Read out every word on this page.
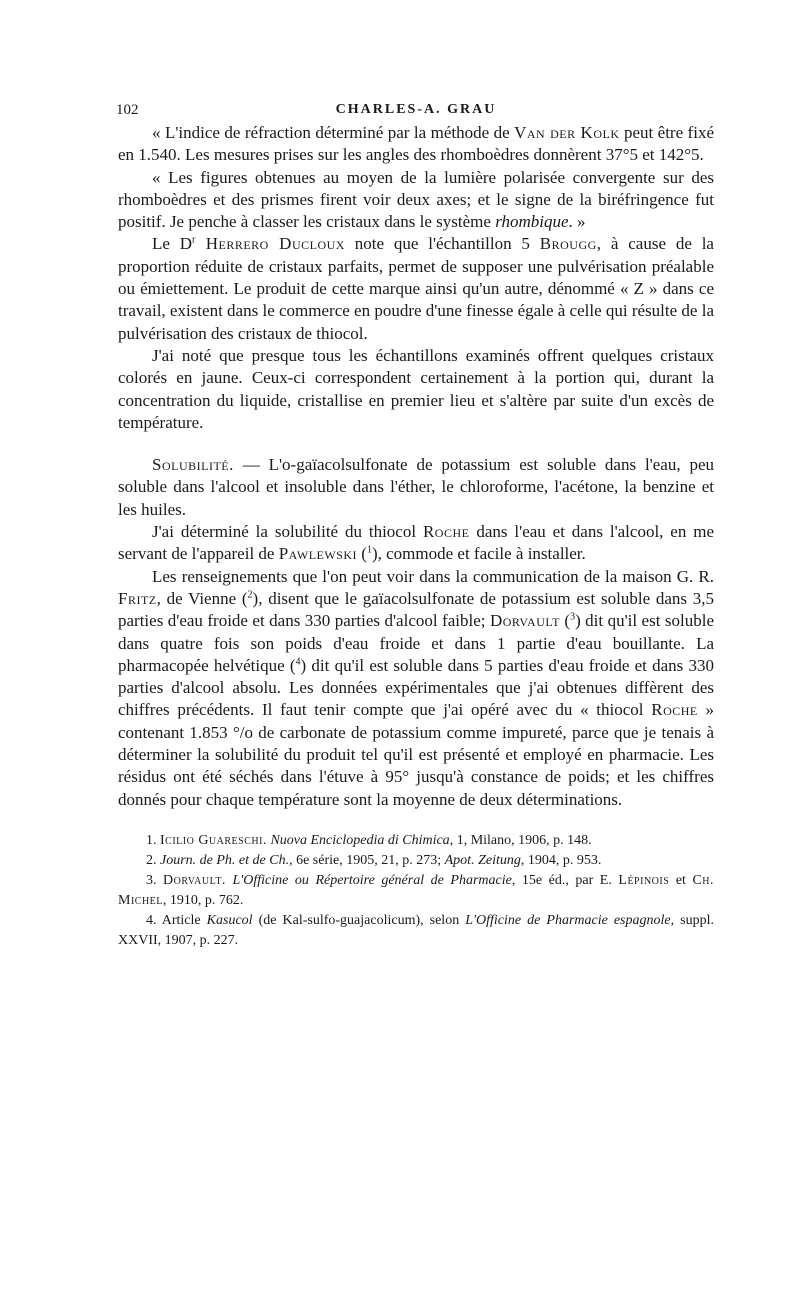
102	CHARLES-A. GRAU

« L'indice de réfraction déterminé par la méthode de Van der Kolk peut être fixé en 1.540. Les mesures prises sur les angles des rhomboèdres donnèrent 37°5 et 142°5.

« Les figures obtenues au moyen de la lumière polarisée convergente sur des rhomboèdres et des prismes firent voir deux axes; et le signe de la biréfringence fut positif. Je penche à classer les cristaux dans le système rhombique. »

Le $D^r$ Herrero Ducloux note que l'échantillon 5 Brougg, à cause de la proportion réduite de cristaux parfaits, permet de supposer une pulvérisation préalable ou émiettement. Le produit de cette marque ainsi qu'un autre, dénommé « Z » dans ce travail, existent dans le commerce en poudre d'une finesse égale à celle qui résulte de la pulvérisation des cristaux de thiocol.

J'ai noté que presque tous les échantillons examinés offrent quelques cristaux colorés en jaune. Ceux-ci correspondent certainement à la portion qui, durant la concentration du liquide, cristallise en premier lieu et s'altère par suite d'un excès de température.

Solubilité. — L'o-gaïacolsulfonate de potassium est soluble dans l'eau, peu soluble dans l'alcool et insoluble dans l'éther, le chloroforme, l'acétone, la benzine et les huiles.

J'ai déterminé la solubilité du thiocol Roche dans l'eau et dans l'alcool, en me servant de l'appareil de Pawlewski ($^1$), commode et facile à installer.

Les renseignements que l'on peut voir dans la communication de la maison G. R. Fritz, de Vienne ($^2$), disent que le gaïacolsulfonate de potassium est soluble dans 3,5 parties d'eau froide et dans 330 parties d'alcool faible; Dorvault ($^3$) dit qu'il est soluble dans quatre fois son poids d'eau froide et dans 1 partie d'eau bouillante. La pharmacopée helvétique ($^4$) dit qu'il est soluble dans 5 parties d'eau froide et dans 330 parties d'alcool absolu. Les données expérimentales que j'ai obtenues diffèrent des chiffres précédents. Il faut tenir compte que j'ai opéré avec du « thiocol Roche » contenant 1.853 °/o de carbonate de potassium comme impureté, parce que je tenais à déterminer la solubilité du produit tel qu'il est présenté et employé en pharmacie. Les résidus ont été séchés dans l'étuve à 95° jusqu'à constance de poids; et les chiffres donnés pour chaque température sont la moyenne de deux déterminations.

1. Icilio Guareschi. Nuova Enciclopedia di Chimica, 1, Milano, 1906, p. 148.

2. Journ. de Ph. et de Ch., 6e série, 1905, 21, p. 273; Apot. Zeitung, 1904, p. 953.

3. Dorvault. L'Officine ou Répertoire général de Pharmacie, 15e éd., par E. Lépinois et Ch. Michel, 1910, p. 762.

4. Article Kasucol (de Kal-sulfo-guajacolicum), selon L'Officine de Pharmacie espagnole, suppl. XXVII, 1907, p. 227.
